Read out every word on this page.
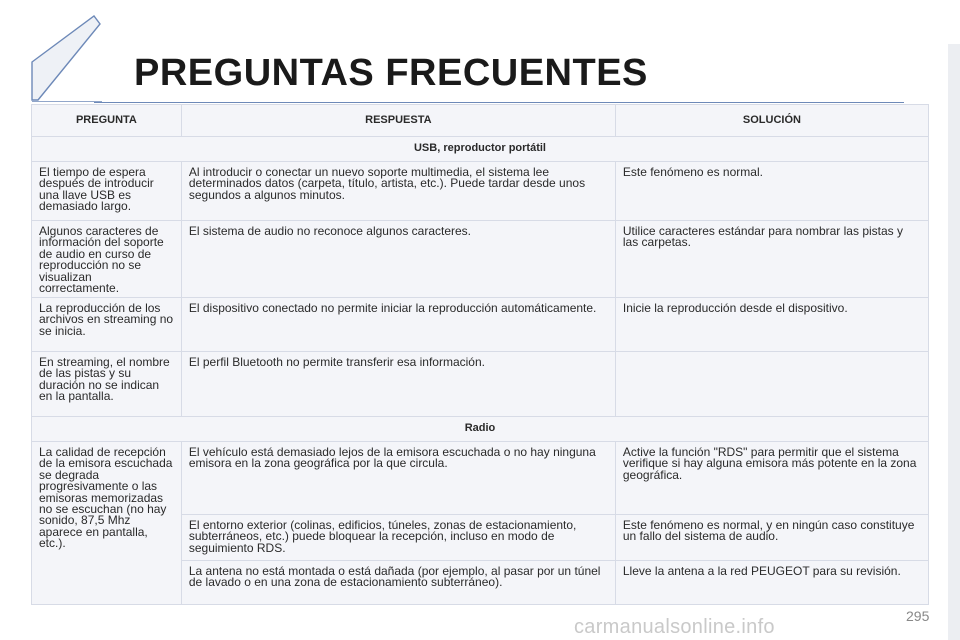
PREGUNTAS FRECUENTES
PREGUNTA	RESPUESTA	SOLUCIÓN
USB, reproductor portátil		
El tiempo de espera después de introducir una llave USB es demasiado largo.	Al introducir o conectar un nuevo soporte multimedia, el sistema lee determinados datos (carpeta, título, artista, etc.). Puede tardar desde unos segundos a algunos minutos.	Este fenómeno es normal.
Algunos caracteres de información del soporte de audio en curso de reproducción no se visualizan correctamente.	El sistema de audio no reconoce algunos caracteres.	Utilice caracteres estándar para nombrar las pistas y las carpetas.
La reproducción de los archivos en streaming no se inicia.	El dispositivo conectado no permite iniciar la reproducción automáticamente.	Inicie la reproducción desde el dispositivo.
En streaming, el nombre de las pistas y su duración no se indican en la pantalla.	El perfil Bluetooth no permite transferir esa información.	
Radio		
La calidad de recepción de la emisora escuchada se degrada progresivamente o las emisoras memorizadas no se escuchan (no hay sonido, 87,5 Mhz aparece en pantalla, etc.).	El vehículo está demasiado lejos de la emisora escuchada o no hay ninguna emisora en la zona geográfica por la que circula.	Active la función "RDS" para permitir que el sistema verifique si hay alguna emisora más potente en la zona geográfica.
	El entorno exterior (colinas, edificios, túneles, zonas de estacionamiento, subterráneos, etc.) puede bloquear la recepción, incluso en modo de seguimiento RDS.	Este fenómeno es normal, y en ningún caso constituye un fallo del sistema de audio.
	La antena no está montada o está dañada (por ejemplo, al pasar por un túnel de lavado o en una zona de estacionamiento subterráneo).	Lleve la antena a la red PEUGEOT para su revisión.
295
carmanualsonline.info
